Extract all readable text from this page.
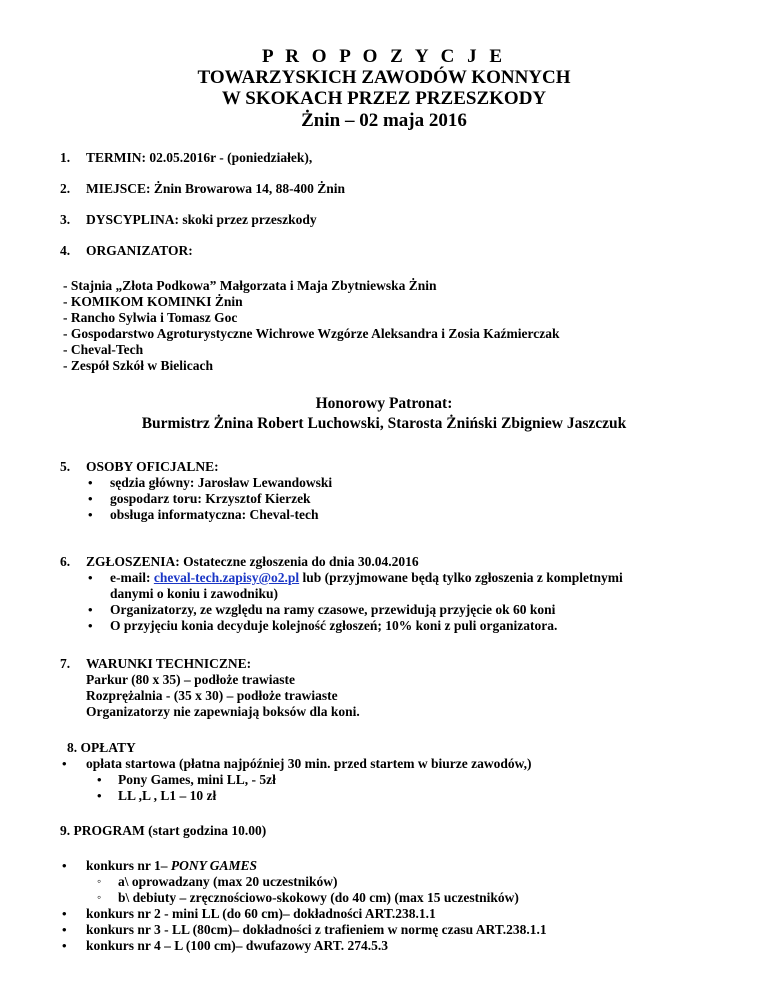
P R O P O Z Y C J E
TOWARZYSKICH ZAWODÓW KONNYCH
W SKOKACH PRZEZ PRZESZKODY
Żnin – 02 maja 2016
1. TERMIN: 02.05.2016r - (poniedziałek),
2. MIEJSCE: Żnin Browarowa 14, 88-400 Żnin
3. DYSCYPLINA: skoki przez przeszkody
4. ORGANIZATOR:
- Stajnia „Złota Podkowa” Małgorzata i Maja Zbytniewska Żnin
- KOMIKOM KOMINKI Żnin
- Rancho Sylwia i Tomasz Goc
- Gospodarstwo Agroturystyczne Wichrowe Wzgórze Aleksandra i Zosia Kaźmierczak
- Cheval-Tech
- Zespół Szkół w Bielicach
Honorowy Patronat:
Burmistrz Żnina Robert Luchowski, Starosta Żniński Zbigniew Jaszczuk
5. OSOBY OFICJALNE:
• sędzia główny: Jarosław Lewandowski
• gospodarz toru: Krzysztof Kierzek
• obsługa informatyczna: Cheval-tech
6. ZGŁOSZENIA: Ostateczne zgłoszenia do dnia 30.04.2016
• e-mail: cheval-tech.zapisy@o2.pl lub (przyjmowane będą tylko zgłoszenia z kompletnymi
danymi o koniu i zawodniku)
• Organizatorzy, ze względu na ramy czasowe, przewidują przyjęcie ok 60 koni
• O przyjęciu konia decyduje kolejność zgłoszeń; 10% koni z puli organizatora.
7. WARUNKI TECHNICZNE:
Parkur (80 x 35) – podłoże trawiaste
Rozprężalnia - (35 x 30) – podłoże trawiaste
Organizatorzy nie zapewniają boksów dla koni.
8. OPŁATY
• opłata startowa (płatna najpóźniej 30 min. przed startem w biurze zawodów,)
• Pony Games, mini LL, - 5zł
• LL ,L , L1 – 10 zł
9. PROGRAM (start godzina 10.00)
• konkurs nr 1– PONY GAMES
◦ a\ oprowadzany (max 20 uczestników)
◦ b\ debiuty – zręcznościowo-skokowy (do 40 cm) (max 15 uczestników)
• konkurs nr 2 - mini LL (do 60 cm)– dokładności ART.238.1.1
• konkurs nr 3 - LL (80cm)– dokładności z trafieniem w normę czasu ART.238.1.1
• konkurs nr 4 – L (100 cm)– dwufazowy ART. 274.5.3
